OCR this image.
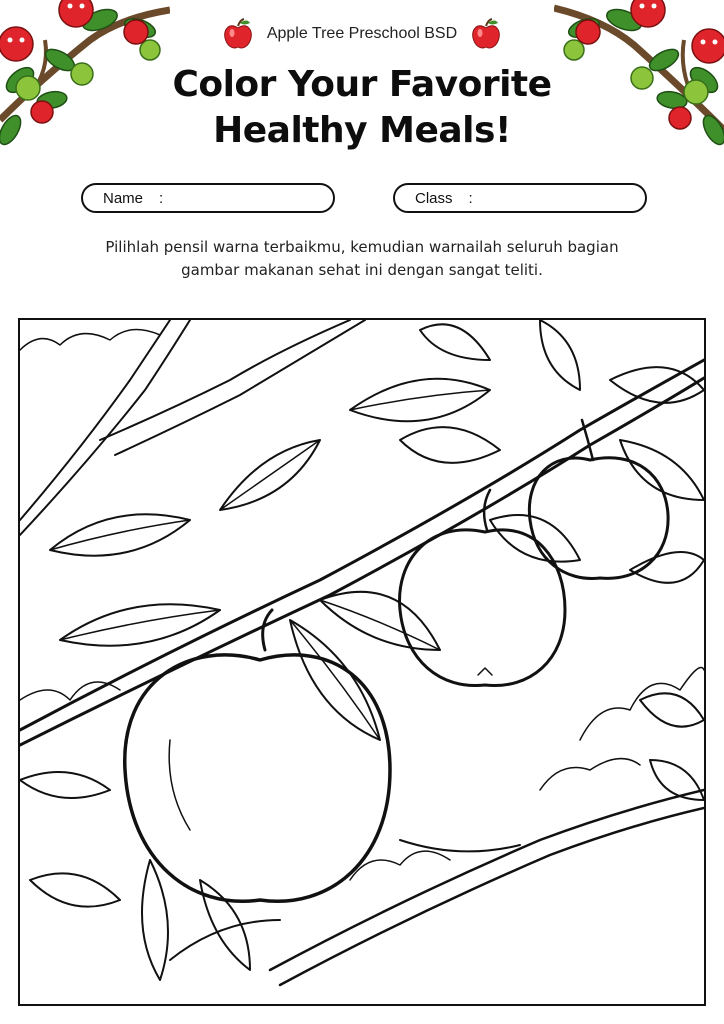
Apple Tree Preschool BSD
Color Your Favorite
Healthy Meals!
Name :	Class :
Pilihlah pensil warna terbaikmu, kemudian warnailah seluruh bagian
gambar makanan sehat ini dengan sangat teliti.
